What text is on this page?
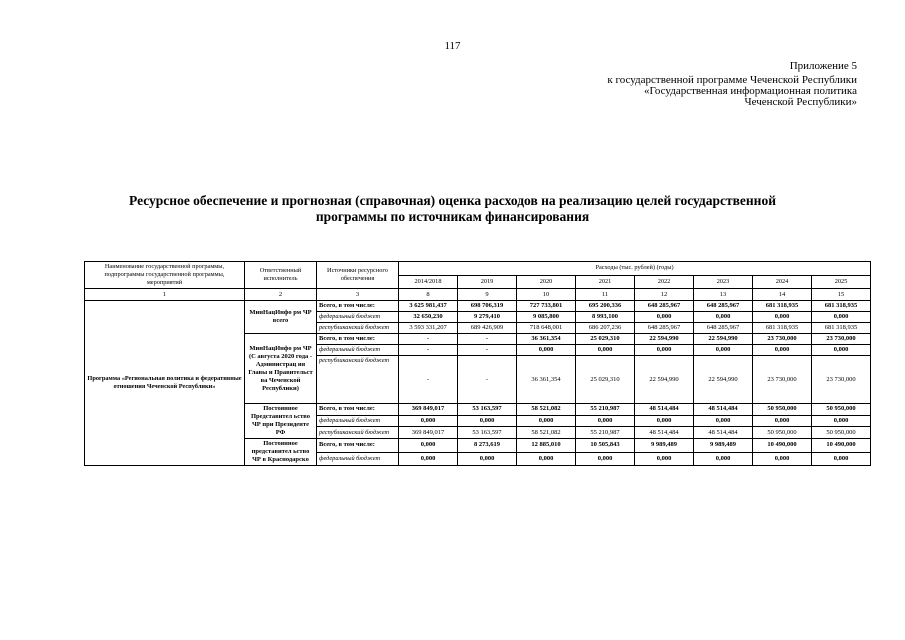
117
Приложение 5
к государственной программе Чеченской Республики
«Государственная информационная политика
Чеченской Республики»
Ресурсное обеспечение и прогнозная (справочная) оценка расходов на реализацию целей государственной программы по источникам финансирования
Наименование государственной программы, подпрограммы государственной программы, мероприятий	Ответственный исполнитель	Источники ресурсного обеспечения	Расходы (тыс. рублей) (годы)							
			2014/2018	2019	2020	2021	2022	2023	2024	2025
1	2	3	8	9	10	11	12	13	14	15
Программа «Региональная политика и федеративные отношения Чеченской Республики»	МинНацИнфо рм ЧР всего	Всего, в том числе:	3 625 981,437	698 706,319	727 733,801	695 200,336	648 285,967	648 285,967	681 318,935	681 318,935
		федеральный бюджет	32 650,230	9 279,410	9 085,800	8 993,100	0,000	0,000	0,000	0,000
		республиканский бюджет	3 593 331,207	689 426,909	718 648,001	686 207,236	648 285,967	648 285,967	681 318,935	681 318,935
	МинНацИнфо рм ЧР (С августа 2020 года - Администрац ия Главы и Правительст ва Чеченской Республики)	Всего, в том числе:	-	-	36 361,354	25 029,310	22 594,990	22 594,990	23 730,000	23 730,000
		федеральный бюджет	-	-	0,000	0,000	0,000	0,000	0,000	0,000
		республиканский бюджет	-	-	36 361,354	25 029,310	22 594,990	22 594,990	23 730,000	23 730,000
	Постоянное Представител ьство ЧР при Президенте РФ	Всего, в том числе:	369 849,017	53 163,597	58 521,082	55 210,987	48 514,484	48 514,484	50 950,000	50 950,000
		федеральный бюджет	0,000	0,000	0,000	0,000	0,000	0,000	0,000	0,000
		республиканский бюджет	369 849,017	53 163,597	58 521,082	55 210,987	48 514,484	48 514,484	50 950,000	50 950,000
	Постоянное представител ьство ЧР в Краснодарско	Всего, в том числе:	0,000	8 273,619	12 885,010	10 505,843	9 989,489	9 989,489	10 490,000	10 490,000
		федеральный бюджет	0,000	0,000	0,000	0,000	0,000	0,000	0,000	0,000
